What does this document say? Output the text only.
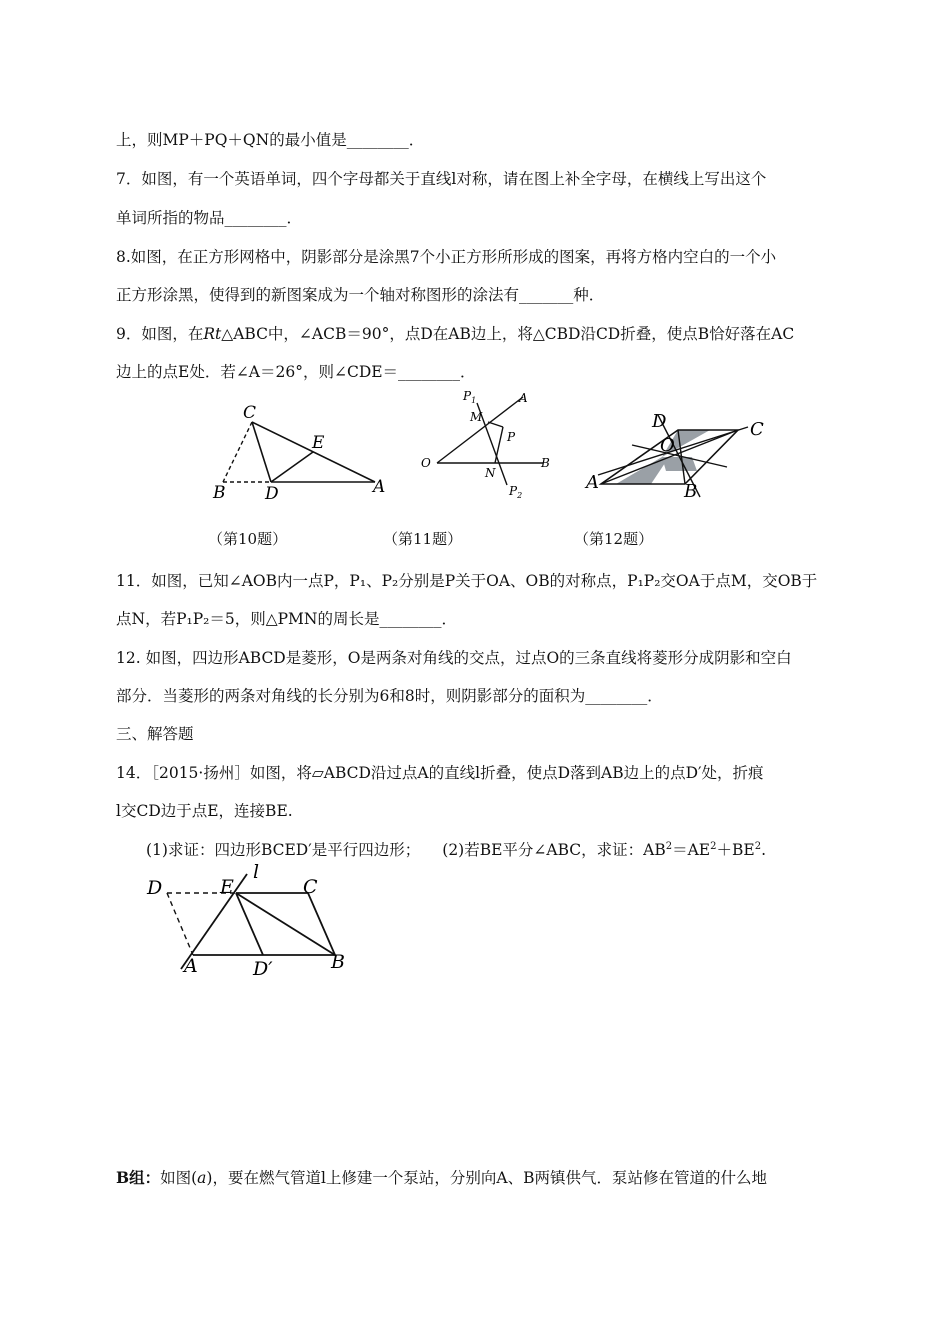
上，则MP＋PQ＋QN的最小值是________．
7．如图，有一个英语单词，四个字母都关于直线l对称，请在图上补全字母，在横线上写出这个
单词所指的物品________．
8.如图，在正方形网格中，阴影部分是涂黑7个小正方形所形成的图案，再将方格内空白的一个小
正方形涂黑，使得到的新图案成为一个轴对称图形的涂法有_______种．
9．如图，在Rt△ABC中，∠ACB＝90°，点D在AB边上，将△CBD沿CD折叠，使点B恰好落在AC
边上的点E处．若∠A＝26°，则∠CDE＝________．
C
E
B D	A
$P_1$	A
M
P
O
N
B
$P_2$
D
O
C
A	B
（第10题）	（第11题）	（第12题）
11．如图，已知∠AOB内一点P，P₁、P₂分别是P关于OA、OB的对称点，P₁P₂交OA于点M，交OB于
点N，若P₁P₂＝5，则△PMN的周长是________．
12. 如图，四边形ABCD是菱形，O是两条对角线的交点，过点O的三条直线将菱形分成阴影和空白
部分．当菱形的两条对角线的长分别为6和8时，则阴影部分的面积为________．
三、解答题
14．［2015·扬州］如图，将▱ABCD沿过点A的直线l折叠，使点D落到AB边上的点D′处，折痕
l交CD边于点E，连接BE.
(1)求证：四边形BCED′是平行四边形； (2)若BE平分∠ABC，求证：$AB^2=AE^2+BE^2$.
D	E
l
C
A	D′	B
B组：如图(a)，要在燃气管道l上修建一个泵站，分别向A、B两镇供气．泵站修在管道的什么地
